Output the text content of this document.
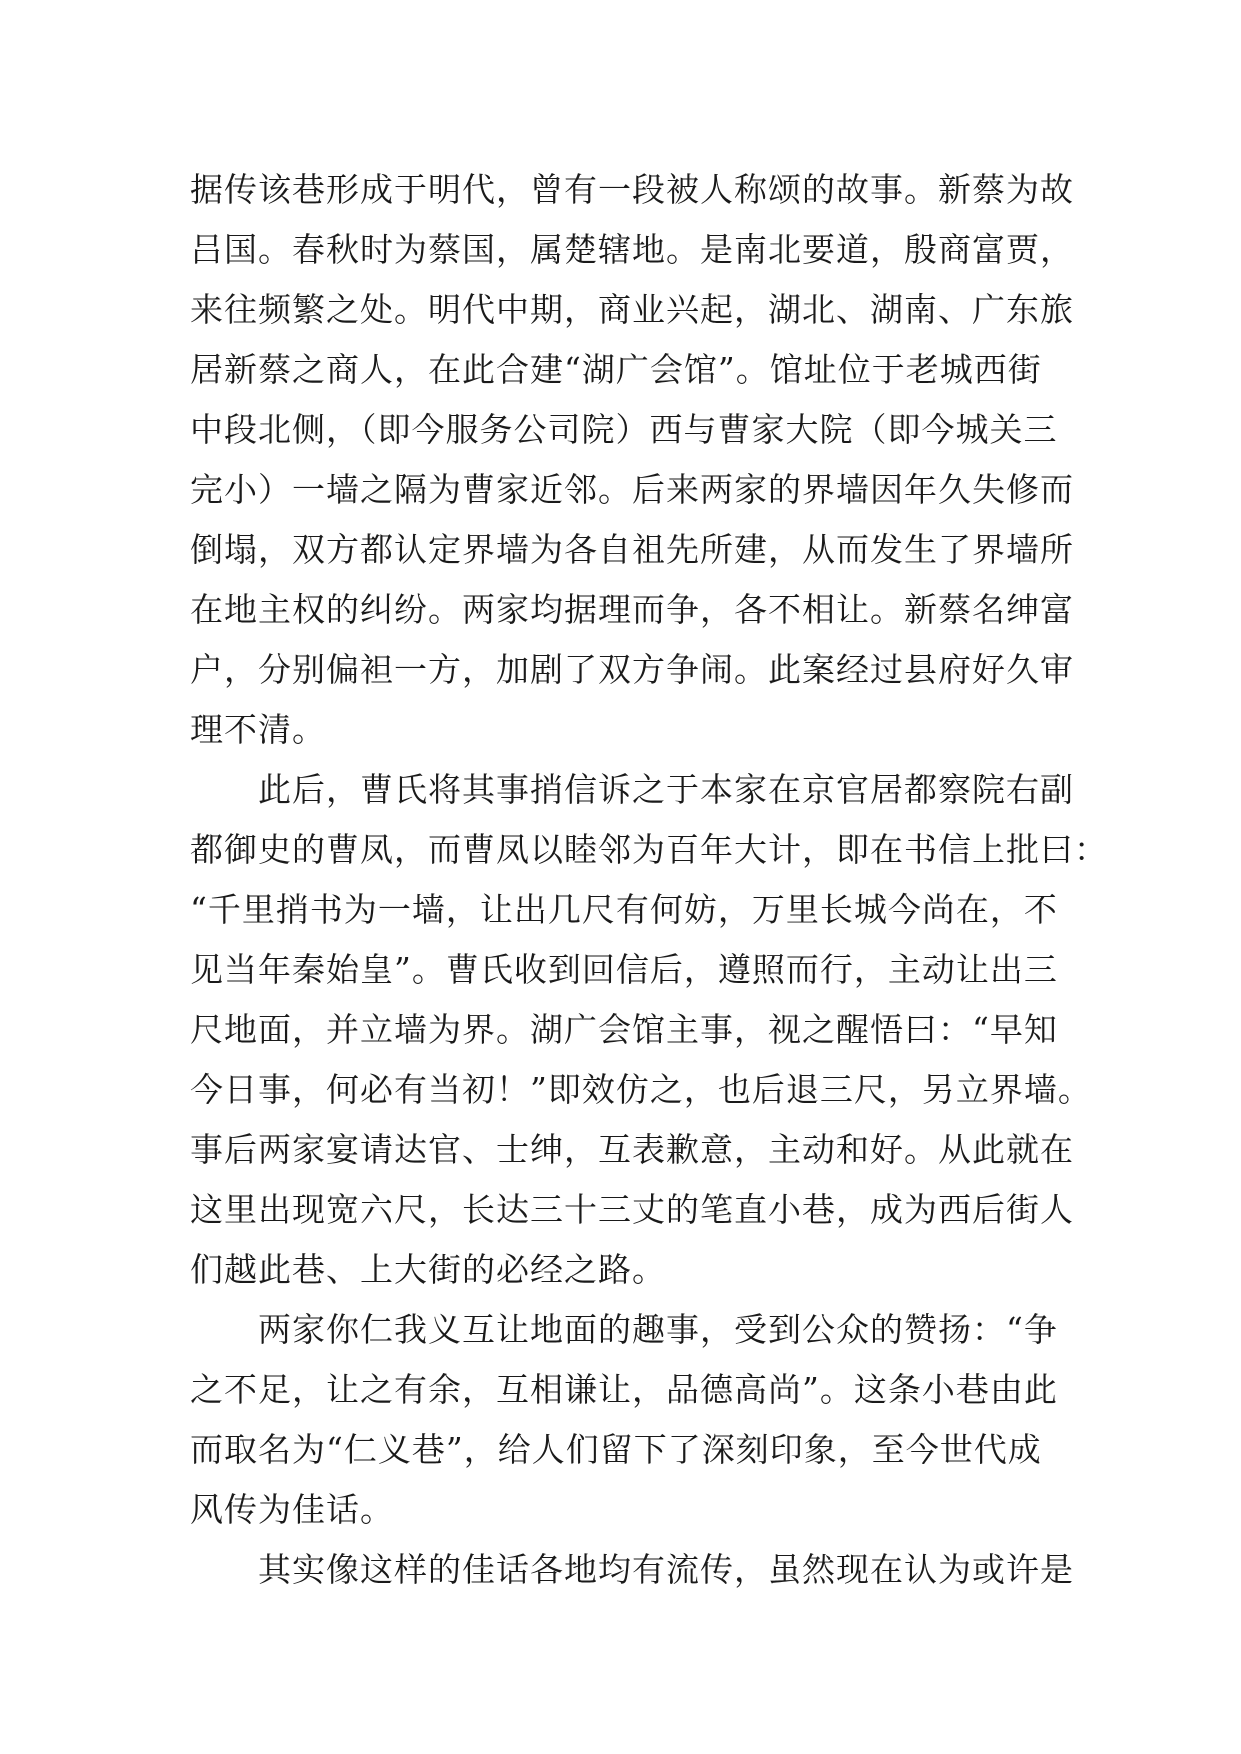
据传该巷形成于明代，曾有一段被人称颂的故事。新蔡为故
吕国。春秋时为蔡国，属楚辖地。是南北要道，殷商富贾，
来往频繁之处。明代中期，商业兴起，湖北、湖南、广东旅
居新蔡之商人，在此合建“湖广会馆”。馆址位于老城西街
中段北侧，（即今服务公司院）西与曹家大院（即今城关三
完小）一墙之隔为曹家近邻。后来两家的界墙因年久失修而
倒塌，双方都认定界墙为各自祖先所建，从而发生了界墙所
在地主权的纠纷。两家均据理而争，各不相让。新蔡名绅富
户，分别偏袒一方，加剧了双方争闹。此案经过县府好久审
理不清。
此后，曹氏将其事捎信诉之于本家在京官居都察院右副
都御史的曹凤，而曹凤以睦邻为百年大计，即在书信上批曰：
“千里捎书为一墙，让出几尺有何妨，万里长城今尚在，不
见当年秦始皇”。曹氏收到回信后，遵照而行，主动让出三
尺地面，并立墙为界。湖广会馆主事，视之醒悟曰：“早知
今日事，何必有当初！”即效仿之，也后退三尺，另立界墙。
事后两家宴请达官、士绅，互表歉意，主动和好。从此就在
这里出现宽六尺，长达三十三丈的笔直小巷，成为西后街人
们越此巷、上大街的必经之路。
两家你仁我义互让地面的趣事，受到公众的赞扬：“争
之不足，让之有余，互相谦让，品德高尚”。这条小巷由此
而取名为“仁义巷”，给人们留下了深刻印象，至今世代成
风传为佳话。
其实像这样的佳话各地均有流传，虽然现在认为或许是
